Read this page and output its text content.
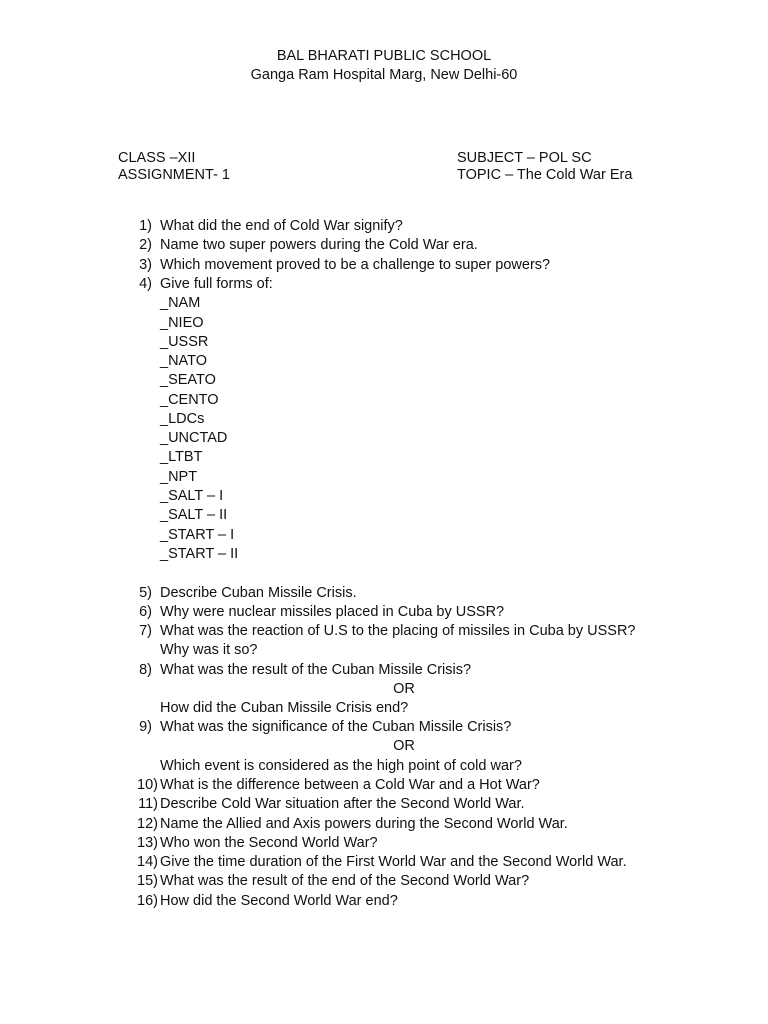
BAL BHARATI PUBLIC SCHOOL
Ganga Ram Hospital Marg, New Delhi-60
CLASS –XII
ASSIGNMENT- 1
SUBJECT – POL SC
TOPIC – The Cold War Era
1) What did the end of Cold War signify?
2) Name two super powers during the Cold War era.
3) Which movement proved to be a challenge to super powers?
4) Give full forms of:
_NAM
_NIEO
_USSR
_NATO
_SEATO
_CENTO
_LDCs
_UNCTAD
_LTBT
_NPT
_SALT – I
_SALT – II
_START – I
_START – II
5) Describe Cuban Missile Crisis.
6) Why were nuclear missiles placed in Cuba by USSR?
7) What was the reaction of U.S to the placing of missiles in Cuba by USSR?
Why was it so?
8) What was the result of the Cuban Missile Crisis?
OR
How did the Cuban Missile Crisis end?
9) What was the significance of the Cuban Missile Crisis?
OR
Which event is considered as the high point of cold war?
10) What is the difference between a Cold War and a Hot War?
11) Describe Cold War situation after the Second World War.
12) Name the Allied and Axis powers during the Second World War.
13) Who won the Second World War?
14) Give the time duration of the First World War and the Second World War.
15) What was the result of the end of the Second World War?
16) How did the Second World War end?
